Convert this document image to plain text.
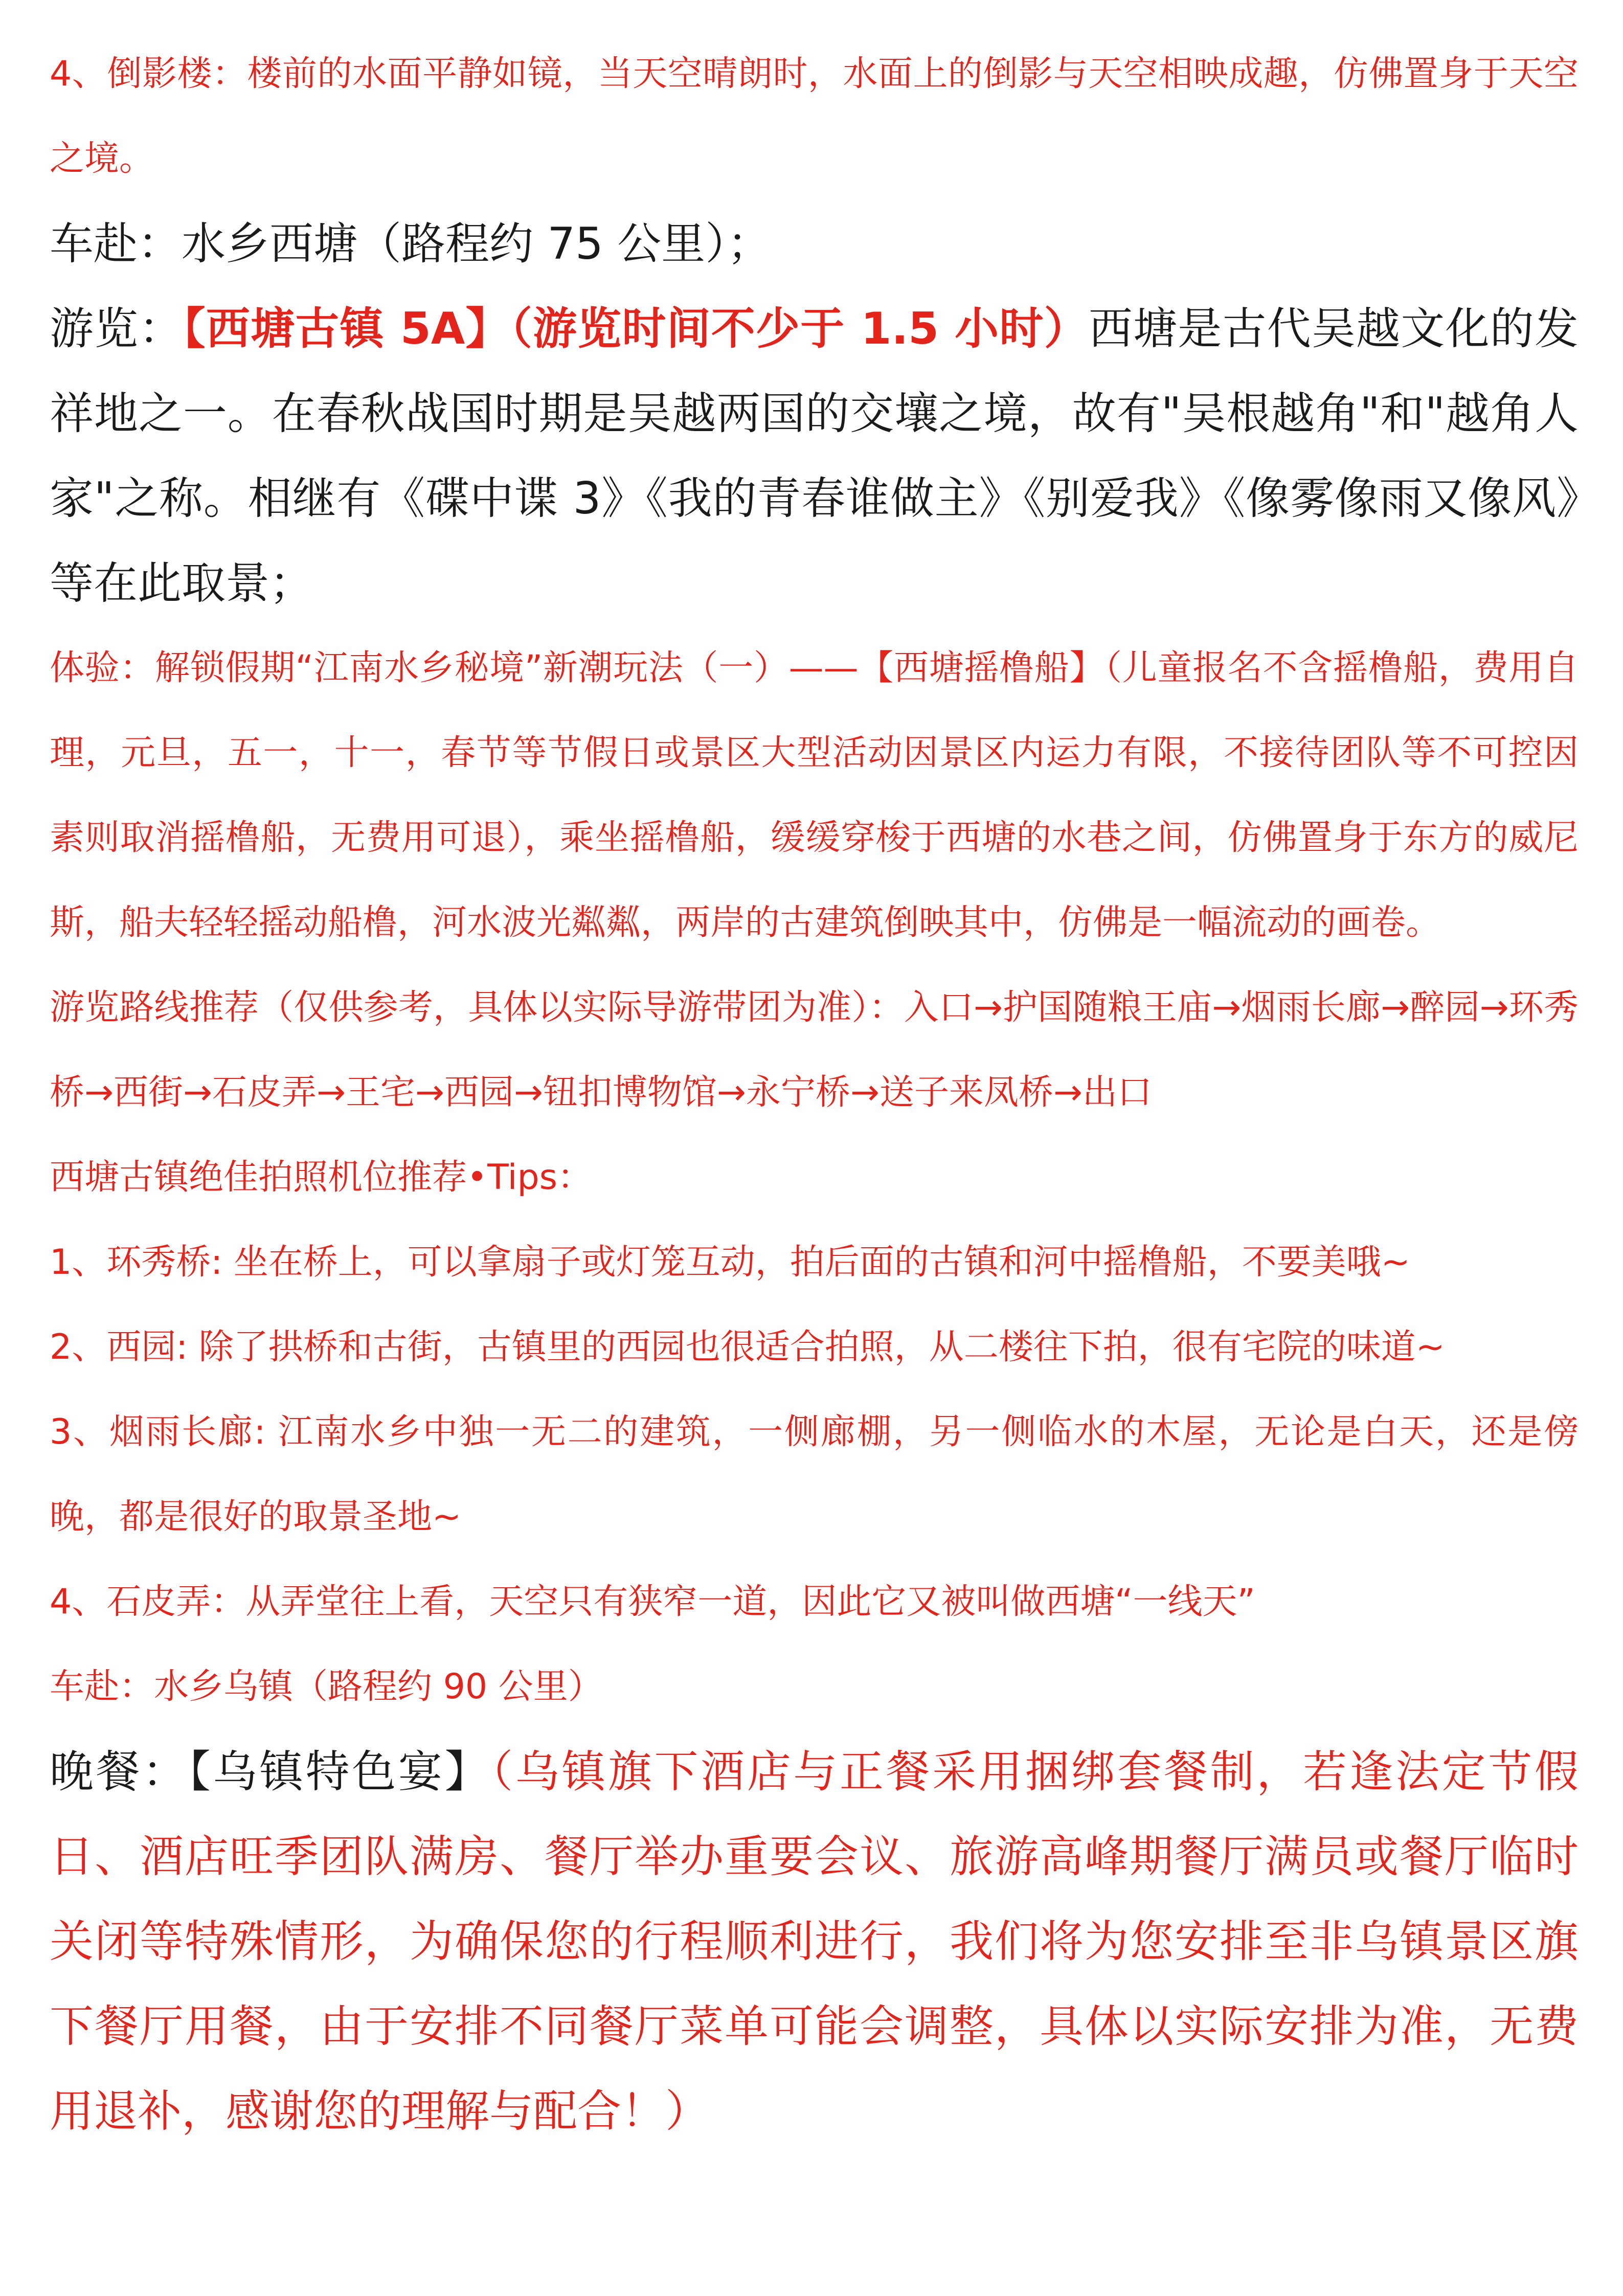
4、倒影楼：楼前的水面平静如镜，当天空晴朗时，水面上的倒影与天空相映成趣，仿佛置身于天空之境。

车赴：水乡西塘（路程约 75 公里）；

游览：【西塘古镇 5A】（游览时间不少于 1.5 小时）西塘是古代吴越文化的发祥地之一。在春秋战国时期是吴越两国的交壤之境，故有"吴根越角"和"越角人家"之称。相继有《碟中谍 3》《我的青春谁做主》《别爱我》《像雾像雨又像风》等在此取景；

体验：解锁假期“江南水乡秘境”新潮玩法（一）——【西塘摇橹船】（儿童报名不含摇橹船，费用自理，元旦，五一，十一，春节等节假日或景区大型活动因景区内运力有限，不接待团队等不可控因素则取消摇橹船，无费用可退），乘坐摇橹船，缓缓穿梭于西塘的水巷之间，仿佛置身于东方的威尼斯，船夫轻轻摇动船橹，河水波光粼粼，两岸的古建筑倒映其中，仿佛是一幅流动的画卷。

游览路线推荐（仅供参考，具体以实际导游带团为准）：入口→护国随粮王庙→烟雨长廊→醉园→环秀桥→西街→石皮弄→王宅→西园→钮扣博物馆→永宁桥→送子来凤桥→出口

西塘古镇绝佳拍照机位推荐•Tips：

1、环秀桥: 坐在桥上，可以拿扇子或灯笼互动，拍后面的古镇和河中摇橹船，不要美哦~

2、西园: 除了拱桥和古街，古镇里的西园也很适合拍照，从二楼往下拍，很有宅院的味道~

3、烟雨长廊: 江南水乡中独一无二的建筑，一侧廊棚，另一侧临水的木屋，无论是白天，还是傍晚，都是很好的取景圣地~

4、石皮弄：从弄堂往上看，天空只有狭窄一道，因此它又被叫做西塘“一线天”

车赴：水乡乌镇（路程约 90 公里）

晚餐：【乌镇特色宴】（乌镇旗下酒店与正餐采用捆绑套餐制，若逢法定节假日、酒店旺季团队满房、餐厅举办重要会议、旅游高峰期餐厅满员或餐厅临时关闭等特殊情形，为确保您的行程顺利进行，我们将为您安排至非乌镇景区旗下餐厅用餐，由于安排不同餐厅菜单可能会调整，具体以实际安排为准，无费用退补，感谢您的理解与配合！）
